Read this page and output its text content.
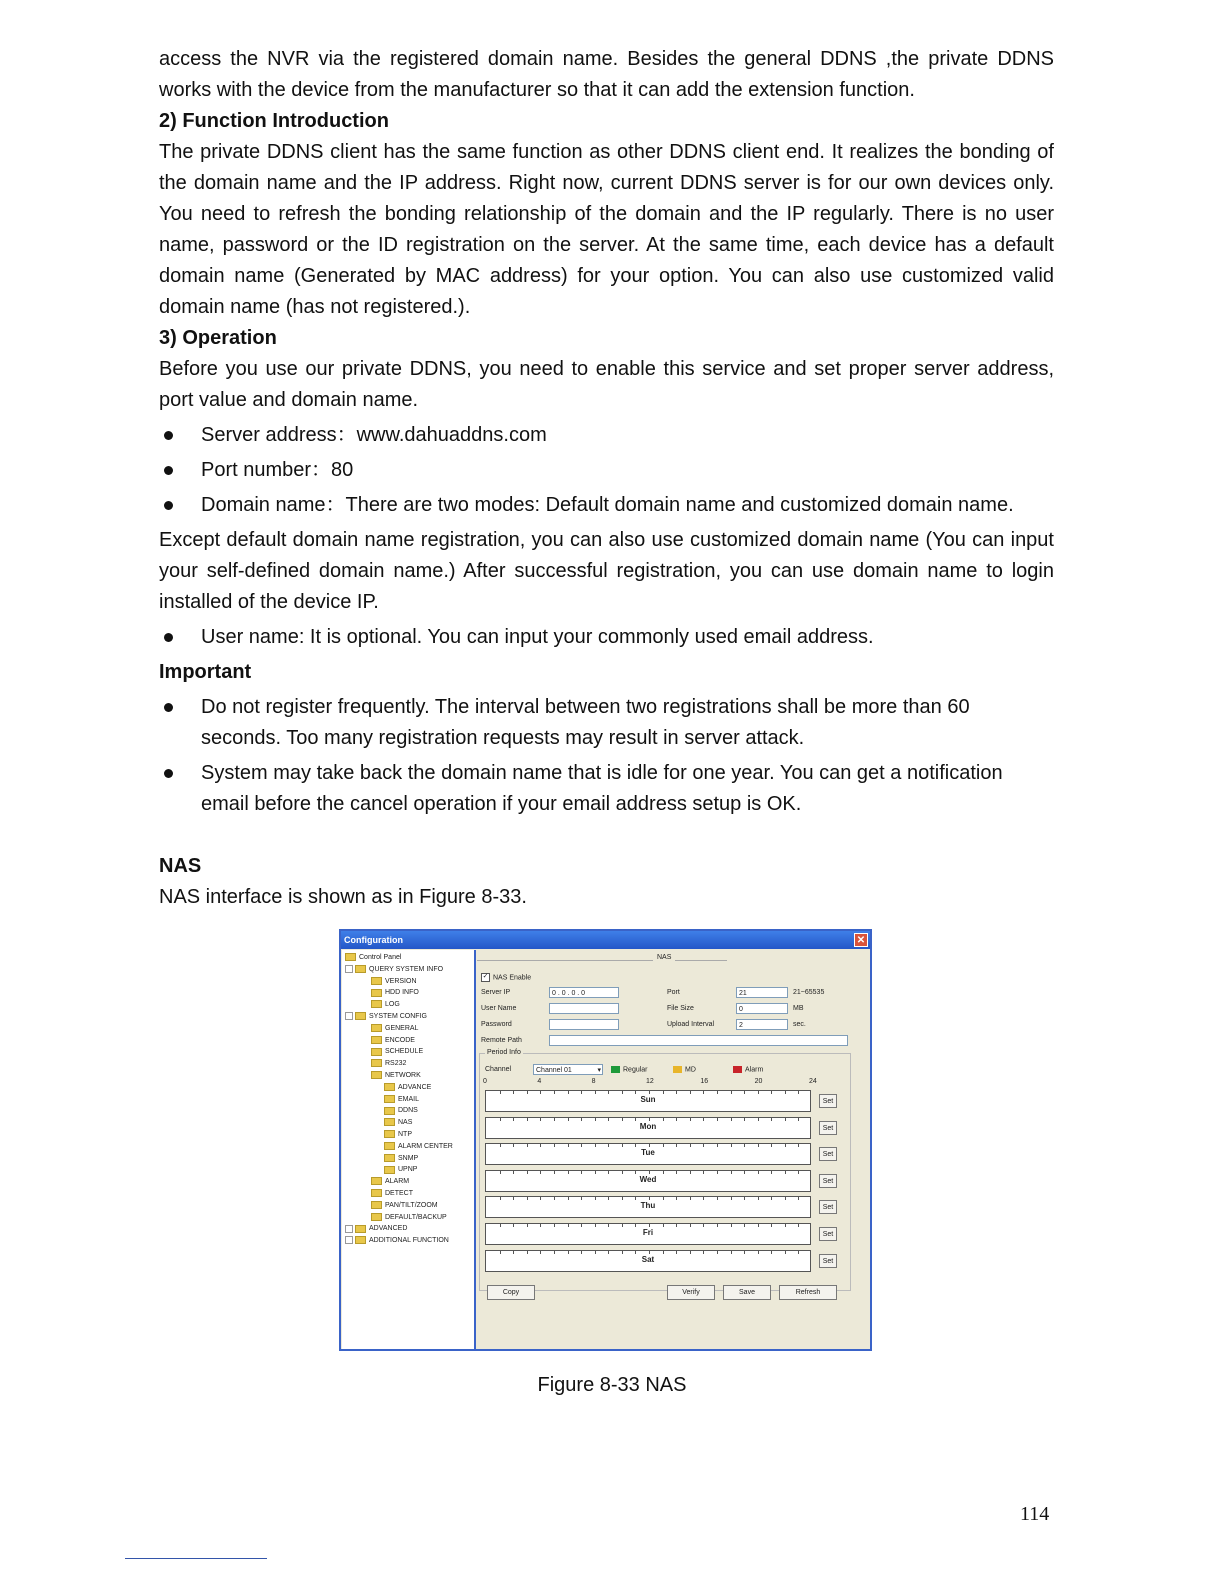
access the NVR via the registered domain name. Besides the general DDNS ,the private DDNS works with the device from the manufacturer so that it can add the extension function.

2) Function Introduction

The private DDNS client has the same function as other DDNS client end. It realizes the bonding of the domain name and the IP address. Right now, current DDNS server is for our own devices only. You need to refresh the bonding relationship of the domain and the IP regularly. There is no user name, password or the ID registration on the server. At the same time, each device has a default domain name (Generated by MAC address) for your option. You can also use customized valid domain name (has not registered.).

3) Operation

Before you use our private DDNS, you need to enable this service and set proper server address, port value and domain name.

Server address：www.dahuaddns.com
Port number：80
Domain name：There are two modes: Default domain name and customized domain name.

Except default domain name registration, you can also use customized domain name (You can input your self-defined domain name.) After successful registration, you can use domain name to login installed of the device IP.

User name: It is optional. You can input your commonly used email address.
Important
Do not register frequently. The interval between two registrations shall be more than 60 seconds. Too many registration requests may result in server attack.
System may take back the domain name that is idle for one year. You can get a notification email before the cancel operation if your email address setup is OK.
NAS

NAS interface is shown as in Figure 8-33.

Configuration	✕
Control Panel
QUERY SYSTEM INFO
VERSION
HDD INFO
LOG
SYSTEM CONFIG
GENERAL
ENCODE
SCHEDULE
RS232
NETWORK
ADVANCE
EMAIL
DDNS
NAS
NTP
ALARM CENTER
SNMP
UPNP
ALARM
DETECT
PAN/TILT/ZOOM
DEFAULT/BACKUP
ADVANCED
ADDITIONAL FUNCTION
NAS
✓ NAS Enable
Server IP	0 . 0 . 0 . 0
User Name
Password
Remote Path
Port	21	21~65535
File Size	0	MB
Upload Interval	2	sec.
Period Info
Channel	Channel 01	▾	Regular	MD	Alarm
0	4	8	12	16	20	24
Sun	Set
Mon	Set
Tue	Set
Wed	Set
Thu	Set
Fri	Set
Sat	Set
Copy	Verify	Save	Refresh
Figure 8-33 NAS
114
